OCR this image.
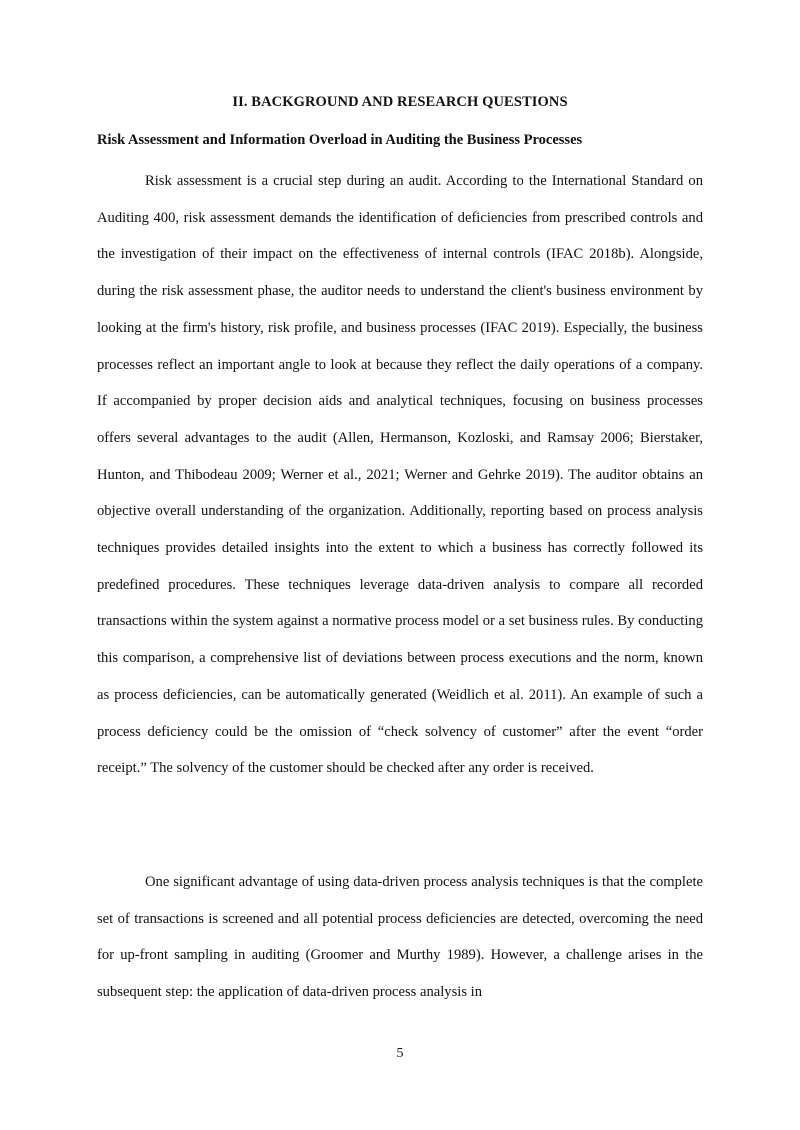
II. BACKGROUND AND RESEARCH QUESTIONS
Risk Assessment and Information Overload in Auditing the Business Processes

Risk assessment is a crucial step during an audit. According to the International Standard on Auditing 400, risk assessment demands the identification of deficiencies from prescribed controls and the investigation of their impact on the effectiveness of internal controls (IFAC 2018b). Alongside, during the risk assessment phase, the auditor needs to understand the client's business environment by looking at the firm's history, risk profile, and business processes (IFAC 2019). Especially, the business processes reflect an important angle to look at because they reflect the daily operations of a company. If accompanied by proper decision aids and analytical techniques, focusing on business processes offers several advantages to the audit (Allen, Hermanson, Kozloski, and Ramsay 2006; Bierstaker, Hunton, and Thibodeau 2009; Werner et al., 2021; Werner and Gehrke 2019). The auditor obtains an objective overall understanding of the organization. Additionally, reporting based on process analysis techniques provides detailed insights into the extent to which a business has correctly followed its predefined procedures. These techniques leverage data-driven analysis to compare all recorded transactions within the system against a normative process model or a set business rules. By conducting this comparison, a comprehensive list of deviations between process executions and the norm, known as process deficiencies, can be automatically generated (Weidlich et al. 2011). An example of such a process deficiency could be the omission of “check solvency of customer” after the event “order receipt.” The solvency of the customer should be checked after any order is received.

One significant advantage of using data-driven process analysis techniques is that the complete set of transactions is screened and all potential process deficiencies are detected, overcoming the need for up-front sampling in auditing (Groomer and Murthy 1989). However, a challenge arises in the subsequent step: the application of data-driven process analysis in

5
